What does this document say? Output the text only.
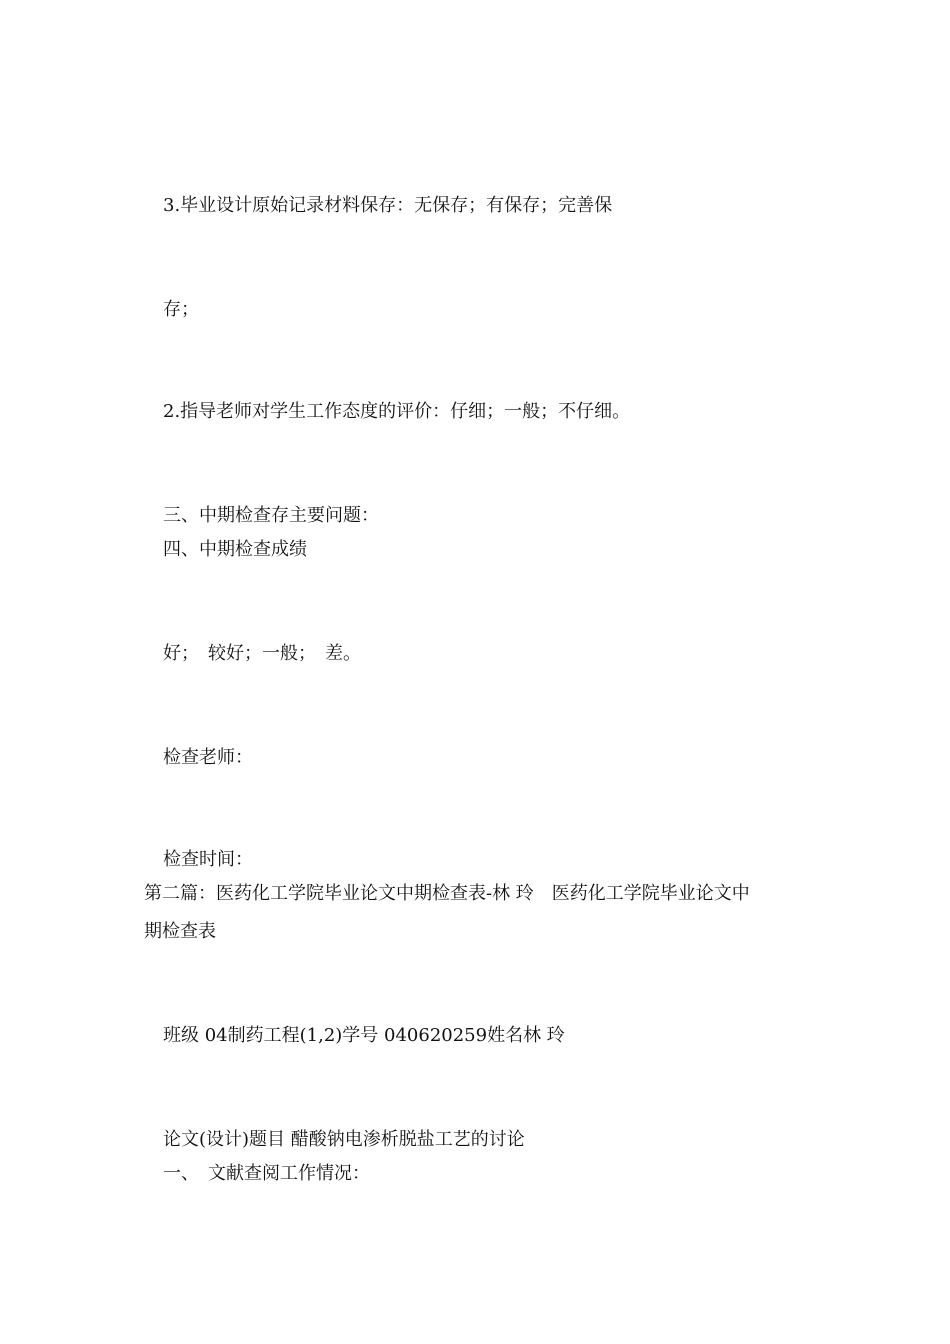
3.毕业设计原始记录材料保存：无保存；有保存；完善保
存；
2.指导老师对学生工作态度的评价：仔细；一般；不仔细。
三、中期检查存主要问题：
四、中期检查成绩
好；　较好；一般；　差。
检查老师：
检查时间：
第二篇：医药化工学院毕业论文中期检查表-林 玲　医药化工学院毕业论文中
期检查表
班级 04制药工程(1,2)学号 040620259姓名林 玲
论文(设计)题目 醋酸钠电渗析脱盐工艺的讨论
一、　文献查阅工作情况：
